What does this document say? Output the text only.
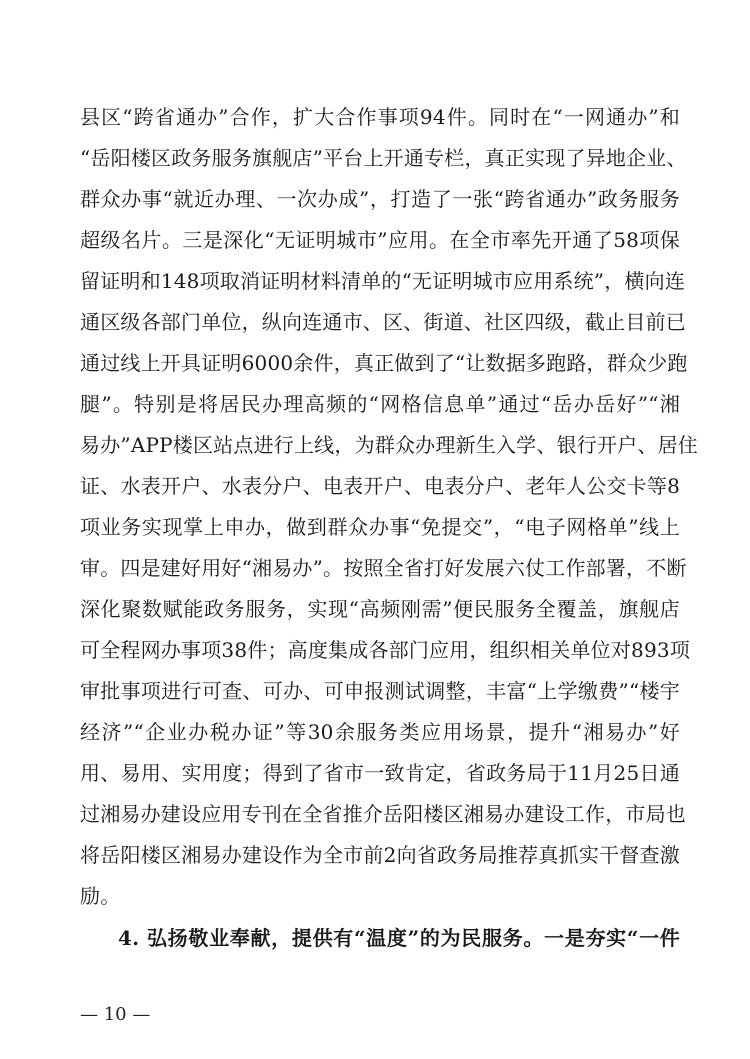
县区“跨省通办”合作，扩大合作事项94件。同时在“一网通办”和
“岳阳楼区政务服务旗舰店”平台上开通专栏，真正实现了异地企业、
群众办事“就近办理、一次办成”，打造了一张“跨省通办”政务服务
超级名片。三是深化“无证明城市”应用。在全市率先开通了58项保
留证明和148项取消证明材料清单的“无证明城市应用系统”，横向连
通区级各部门单位，纵向连通市、区、街道、社区四级，截止目前已
通过线上开具证明6000余件，真正做到了“让数据多跑路，群众少跑
腿”。特别是将居民办理高频的“网格信息单”通过“岳办岳好”“湘
易办”APP楼区站点进行上线，为群众办理新生入学、银行开户、居住
证、水表开户、水表分户、电表开户、电表分户、老年人公交卡等8
项业务实现掌上申办，做到群众办事“免提交”，“电子网格单”线上
审。四是建好用好“湘易办”。按照全省打好发展六仗工作部署，不断
深化聚数赋能政务服务，实现“高频刚需”便民服务全覆盖，旗舰店
可全程网办事项38件；高度集成各部门应用，组织相关单位对893项
审批事项进行可查、可办、可申报测试调整，丰富“上学缴费”“楼宇
经济”“企业办税办证”等30余服务类应用场景，提升“湘易办”好
用、易用、实用度；得到了省市一致肯定，省政务局于11月25日通
过湘易办建设应用专刊在全省推介岳阳楼区湘易办建设工作，市局也
将岳阳楼区湘易办建设作为全市前2向省政务局推荐真抓实干督查激
励。
4. 弘扬敬业奉献，提供有“温度”的为民服务。一是夯实“一件
— 10 —
